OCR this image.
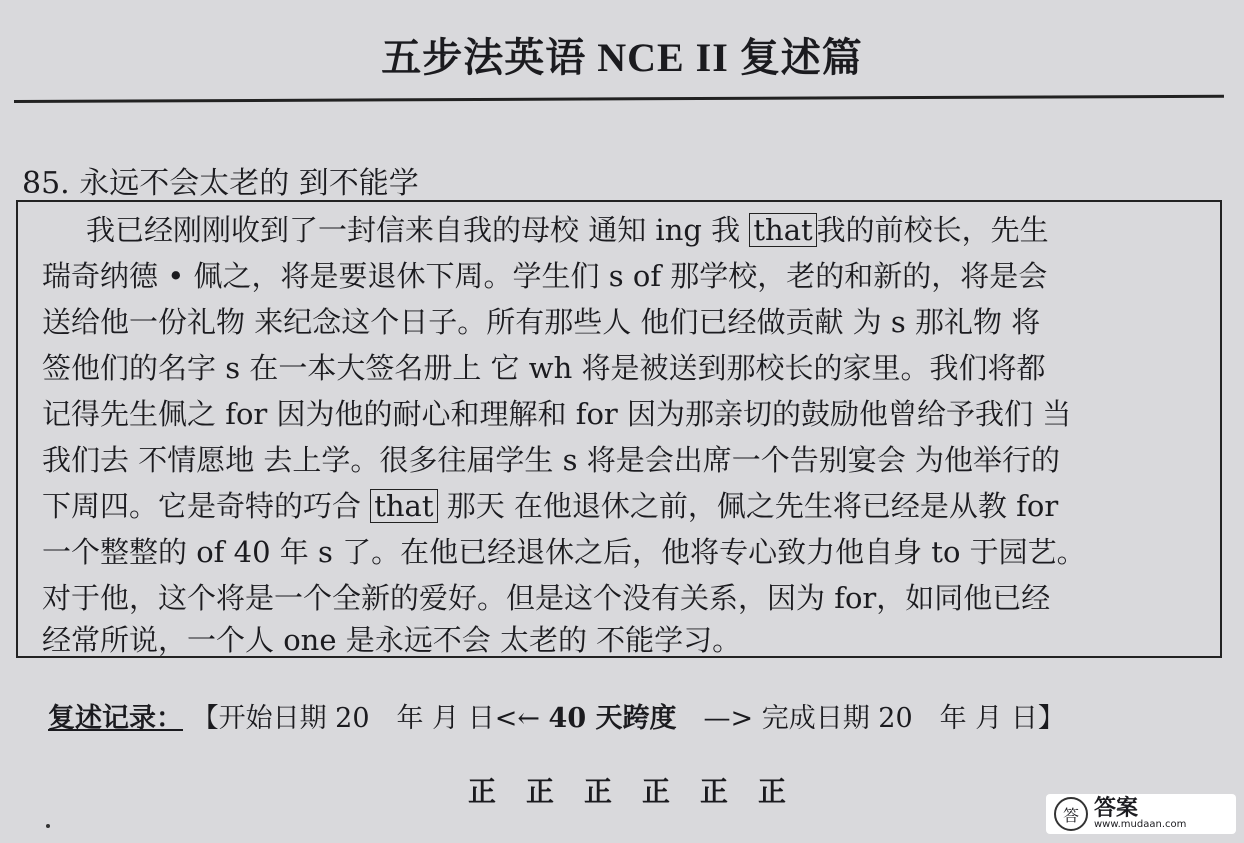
五步法英语 NCE II 复述篇
85. 永远不会太老的 到不能学
我已经刚刚收到了一封信来自我的母校 通知 ing 我 that 我的前校长，先生
瑞奇纳德 • 佩之，将是要退休下周。学生们 s of 那学校，老的和新的，将是会
送给他一份礼物 来纪念这个日子。所有那些人 他们已经做贡献 为 s 那礼物 将
签他们的名字 s 在一本大签名册上 它 wh 将是被送到那校长的家里。我们将都
记得先生佩之 for 因为他的耐心和理解和 for 因为那亲切的鼓励他曾给予我们 当
我们去 不情愿地 去上学。很多往届学生 s 将是会出席一个告别宴会 为他举行的
下周四。它是奇特的巧合 that 那天 在他退休之前，佩之先生将已经是从教 for
一个整整的 of 40 年 s 了。在他已经退休之后，他将专心致力他自身 to 于园艺。
对于他，这个将是一个全新的爱好。但是这个没有关系，因为 for，如同他已经
经常所说，一个人 one 是永远不会 太老的 不能学习。
复述记录： 【开始日期 20　年 月 日<← 40 天跨度　—> 完成日期 20　年 月 日】
正 正 正 正 正 正
答 答案
www.mudaan.com
